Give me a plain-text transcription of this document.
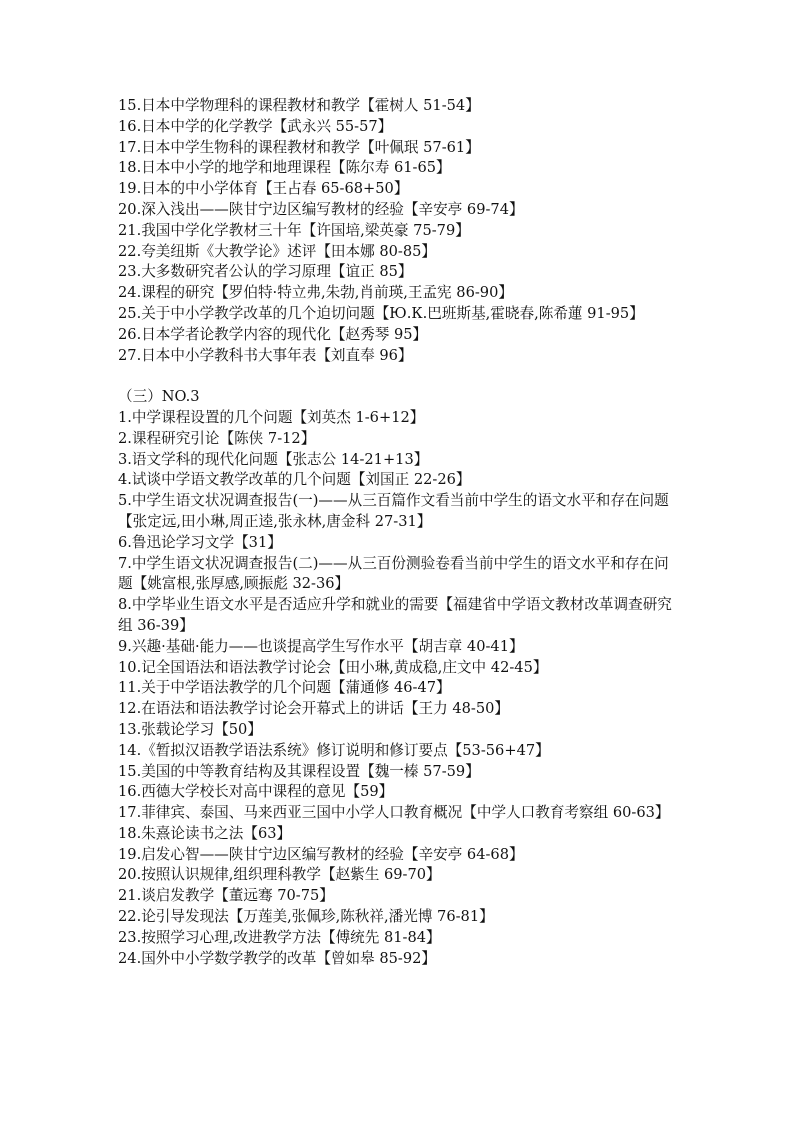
15.日本中学物理科的课程教材和教学【霍树人 51-54】
16.日本中学的化学教学【武永兴 55-57】
17.日本中学生物科的课程教材和教学【叶佩珉 57-61】
18.日本中小学的地学和地理课程【陈尔寿 61-65】
19.日本的中小学体育【王占春 65-68+50】
20.深入浅出——陕甘宁边区编写教材的经验【辛安亭 69-74】
21.我国中学化学教材三十年【许国培,梁英豪 75-79】
22.夸美纽斯《大教学论》述评【田本娜 80-85】
23.大多数研究者公认的学习原理【谊正 85】
24.课程的研究【罗伯特·特立弗,朱勃,肖前瑛,王孟宪 86-90】
25.关于中小学教学改革的几个迫切问题【Ю.К.巴班斯基,霍晓春,陈希蓮 91-95】
26.日本学者论教学内容的现代化【赵秀琴 95】
27.日本中小学教科书大事年表【刘直奉 96】
（三）NO.3
1.中学课程设置的几个问题【刘英杰 1-6+12】
2.课程研究引论【陈侠 7-12】
3.语文学科的现代化问题【张志公 14-21+13】
4.试谈中学语文教学改革的几个问题【刘国正 22-26】
5.中学生语文状况调查报告(一)——从三百篇作文看当前中学生的语文水平和存在问题【张定远,田小琳,周正逵,张永林,唐金科 27-31】
6.鲁迅论学习文学【31】
7.中学生语文状况调查报告(二)——从三百份测验卷看当前中学生的语文水平和存在问题【姚富根,张厚感,顾振彪 32-36】
8.中学毕业生语文水平是否适应升学和就业的需要【福建省中学语文教材改革调查研究组 36-39】
9.兴趣·基础·能力——也谈提高学生写作水平【胡吉章 40-41】
10.记全国语法和语法教学讨论会【田小琳,黄成稳,庄文中 42-45】
11.关于中学语法教学的几个问题【蒲通修 46-47】
12.在语法和语法教学讨论会开幕式上的讲话【王力 48-50】
13.张载论学习【50】
14.《暂拟汉语教学语法系统》修订说明和修订要点【53-56+47】
15.美国的中等教育结构及其课程设置【魏一榛 57-59】
16.西德大学校长对高中课程的意见【59】
17.菲律宾、泰国、马来西亚三国中小学人口教育概况【中学人口教育考察组 60-63】
18.朱熹论读书之法【63】
19.启发心智——陕甘宁边区编写教材的经验【辛安亭 64-68】
20.按照认识规律,组织理科教学【赵紫生 69-70】
21.谈启发教学【董远骞 70-75】
22.论引导发现法【万莲美,张佩珍,陈秋祥,潘光博 76-81】
23.按照学习心理,改进教学方法【傅统先 81-84】
24.国外中小学数学教学的改革【曾如皋 85-92】
